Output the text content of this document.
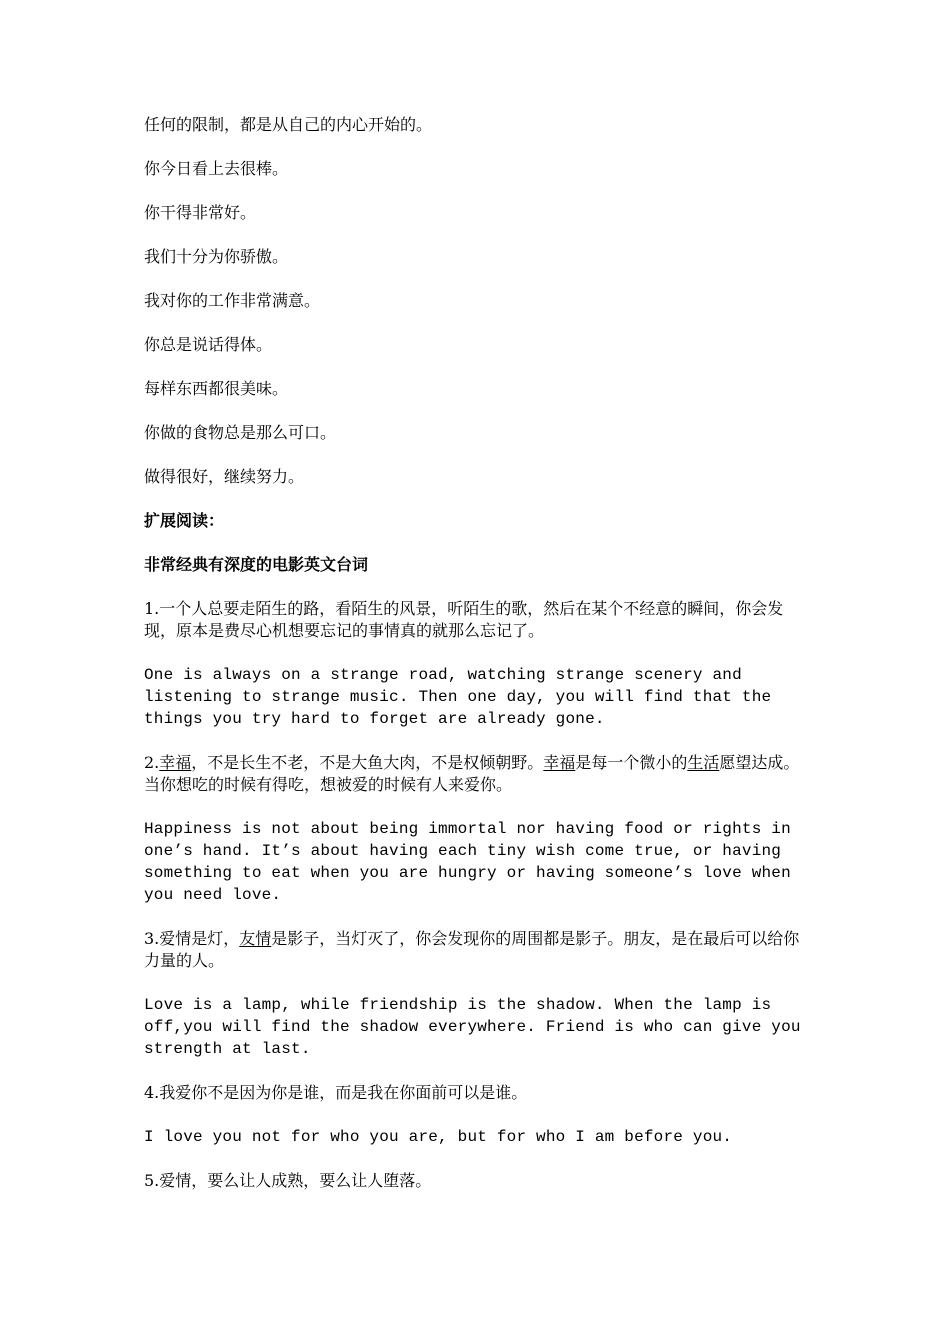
任何的限制，都是从自己的内心开始的。

你今日看上去很棒。

你干得非常好。

我们十分为你骄傲。

我对你的工作非常满意。

你总是说话得体。

每样东西都很美味。

你做的食物总是那么可口。

做得很好，继续努力。

扩展阅读：

非常经典有深度的电影英文台词

1.一个人总要走陌生的路，看陌生的风景，听陌生的歌，然后在某个不经意的瞬间，你会发现，原本是费尽心机想要忘记的事情真的就那么忘记了。

One is always on a strange road, watching strange scenery and listening to strange music. Then one day, you will find that the things you try hard to forget are already gone.

2.幸福，不是长生不老，不是大鱼大肉，不是权倾朝野。幸福是每一个微小的生活愿望达成。当你想吃的时候有得吃，想被爱的时候有人来爱你。

Happiness is not about being immortal nor having food or rights in one’s hand. It’s about having each tiny wish come true, or having something to eat when you are hungry or having someone’s love when you need love.

3.爱情是灯，友情是影子，当灯灭了，你会发现你的周围都是影子。朋友，是在最后可以给你力量的人。

Love is a lamp, while friendship is the shadow. When the lamp is off,you will find the shadow everywhere. Friend is who can give you strength at last.

4.我爱你不是因为你是谁，而是我在你面前可以是谁。

I love you not for who you are, but for who I am before you.

5.爱情，要么让人成熟，要么让人堕落。
